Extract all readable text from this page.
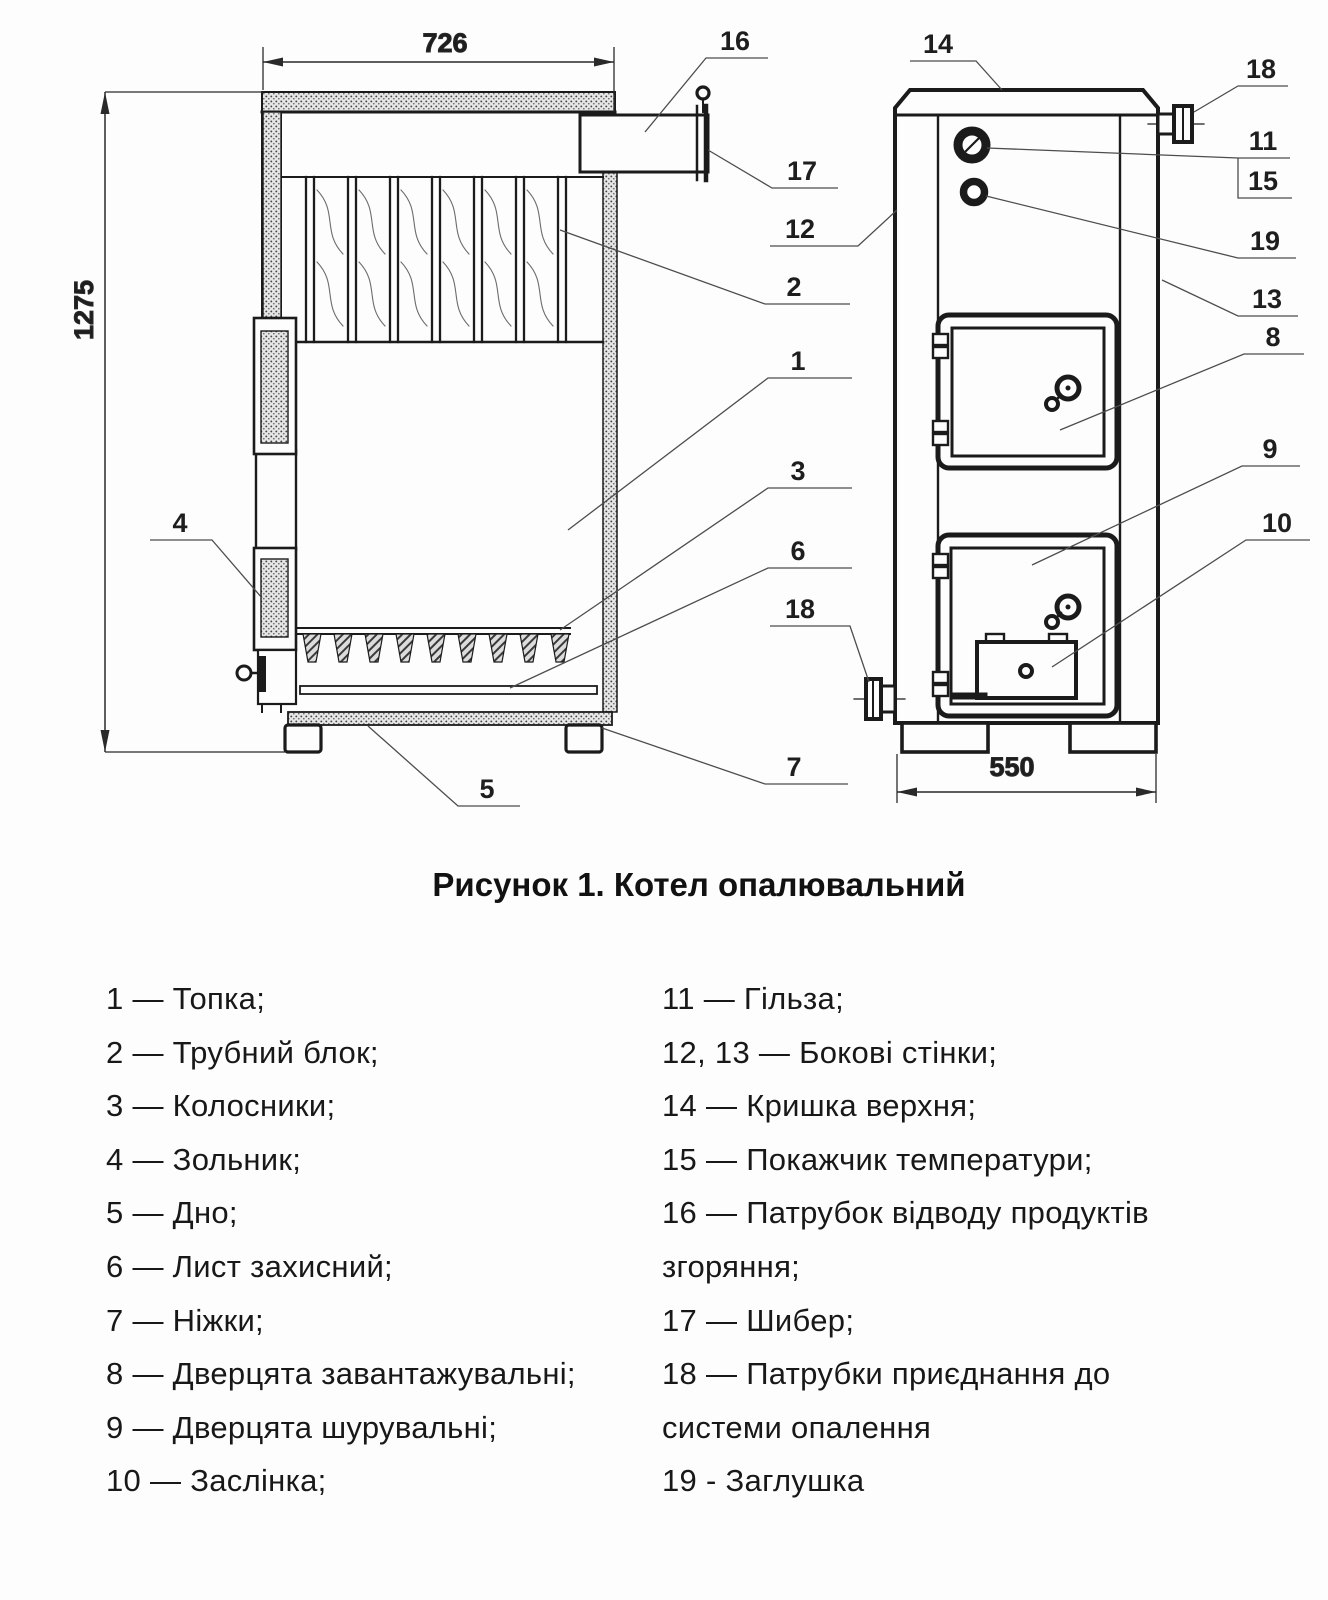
726
1275
550
16
17
12
2
1
3
6
18
7
5
4
14
18
11
15
19
13
8
9
10
Рисунок 1. Котел опалювальний
1 — Топка;
2 — Трубний блок;
3 — Колосники;
4 — Зольник;
5 — Дно;
6 — Лист захисний;
7 — Ніжки;
8 — Дверцята завантажувальні;
9 — Дверцята шурувальні;
10 — Заслінка;
11 — Гільза;
12, 13 — Бокові стінки;
14 — Кришка верхня;
15 — Покажчик температури;
16 — Патрубок відводу продуктів
згоряння;
17 — Шибер;
18 — Патрубки приєднання до
системи опалення
19 - Заглушка
